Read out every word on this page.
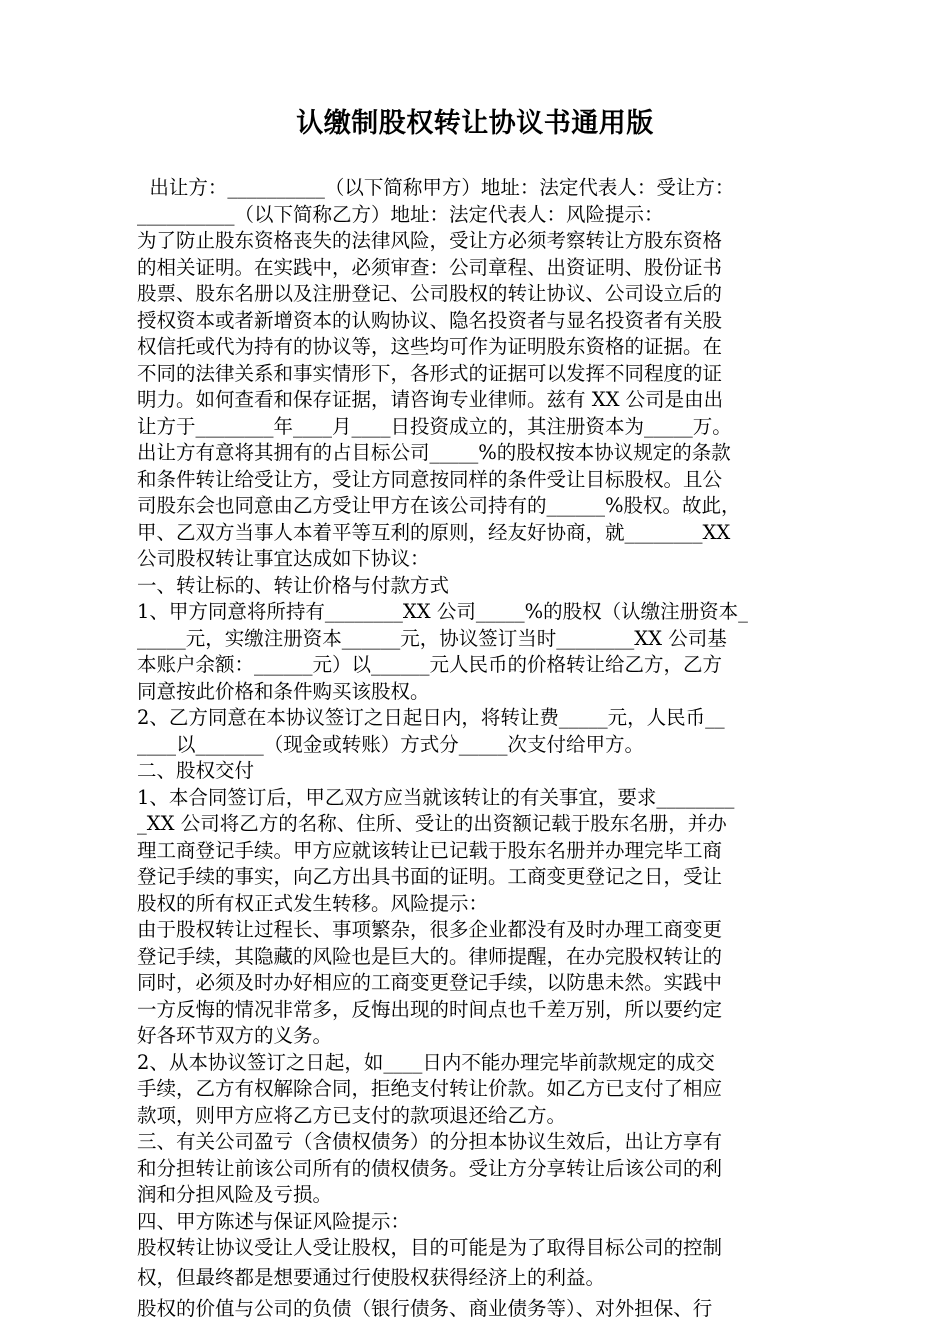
认缴制股权转让协议书通用版
出让方：__________（以下简称甲方）地址：法定代表人：受让方：
__________（以下简称乙方）地址：法定代表人：风险提示：
为了防止股东资格丧失的法律风险，受让方必须考察转让方股东资格
的相关证明。在实践中，必须审查：公司章程、出资证明、股份证书
股票、股东名册以及注册登记、公司股权的转让协议、公司设立后的
授权资本或者新增资本的认购协议、隐名投资者与显名投资者有关股
权信托或代为持有的协议等，这些均可作为证明股东资格的证据。在
不同的法律关系和事实情形下，各形式的证据可以发挥不同程度的证
明力。如何查看和保存证据，请咨询专业律师。兹有 XX 公司是由出
让方于________年____月____日投资成立的，其注册资本为_____万。
出让方有意将其拥有的占目标公司_____%的股权按本协议规定的条款
和条件转让给受让方，受让方同意按同样的条件受让目标股权。且公
司股东会也同意由乙方受让甲方在该公司持有的______%股权。故此，
甲、乙双方当事人本着平等互利的原则，经友好协商，就________XX
公司股权转让事宜达成如下协议：
一、转让标的、转让价格与付款方式
1、甲方同意将所持有________XX 公司_____%的股权（认缴注册资本_
_____元，实缴注册资本______元，协议签订当时________XX 公司基
本账户余额：______元）以______元人民币的价格转让给乙方，乙方
同意按此价格和条件购买该股权。
2、乙方同意在本协议签订之日起日内，将转让费_____元，人民币__
____以_______（现金或转账）方式分_____次支付给甲方。
二、股权交付
1、本合同签订后，甲乙双方应当就该转让的有关事宜，要求________
_XX 公司将乙方的名称、住所、受让的出资额记载于股东名册，并办
理工商登记手续。甲方应就该转让已记载于股东名册并办理完毕工商
登记手续的事实，向乙方出具书面的证明。工商变更登记之日，受让
股权的所有权正式发生转移。风险提示：
由于股权转让过程长、事项繁杂，很多企业都没有及时办理工商变更
登记手续，其隐藏的风险也是巨大的。律师提醒，在办完股权转让的
同时，必须及时办好相应的工商变更登记手续，以防患未然。实践中
一方反悔的情况非常多，反悔出现的时间点也千差万别，所以要约定
好各环节双方的义务。
2、从本协议签订之日起，如____日内不能办理完毕前款规定的成交
手续，乙方有权解除合同，拒绝支付转让价款。如乙方已支付了相应
款项，则甲方应将乙方已支付的款项退还给乙方。
三、有关公司盈亏（含债权债务）的分担本协议生效后，出让方享有
和分担转让前该公司所有的债权债务。受让方分享转让后该公司的利
润和分担风险及亏损。
四、甲方陈述与保证风险提示：
股权转让协议受让人受让股权，目的可能是为了取得目标公司的控制
权，但最终都是想要通过行使股权获得经济上的利益。
股权的价值与公司的负债（银行债务、商业债务等）、对外担保、行
